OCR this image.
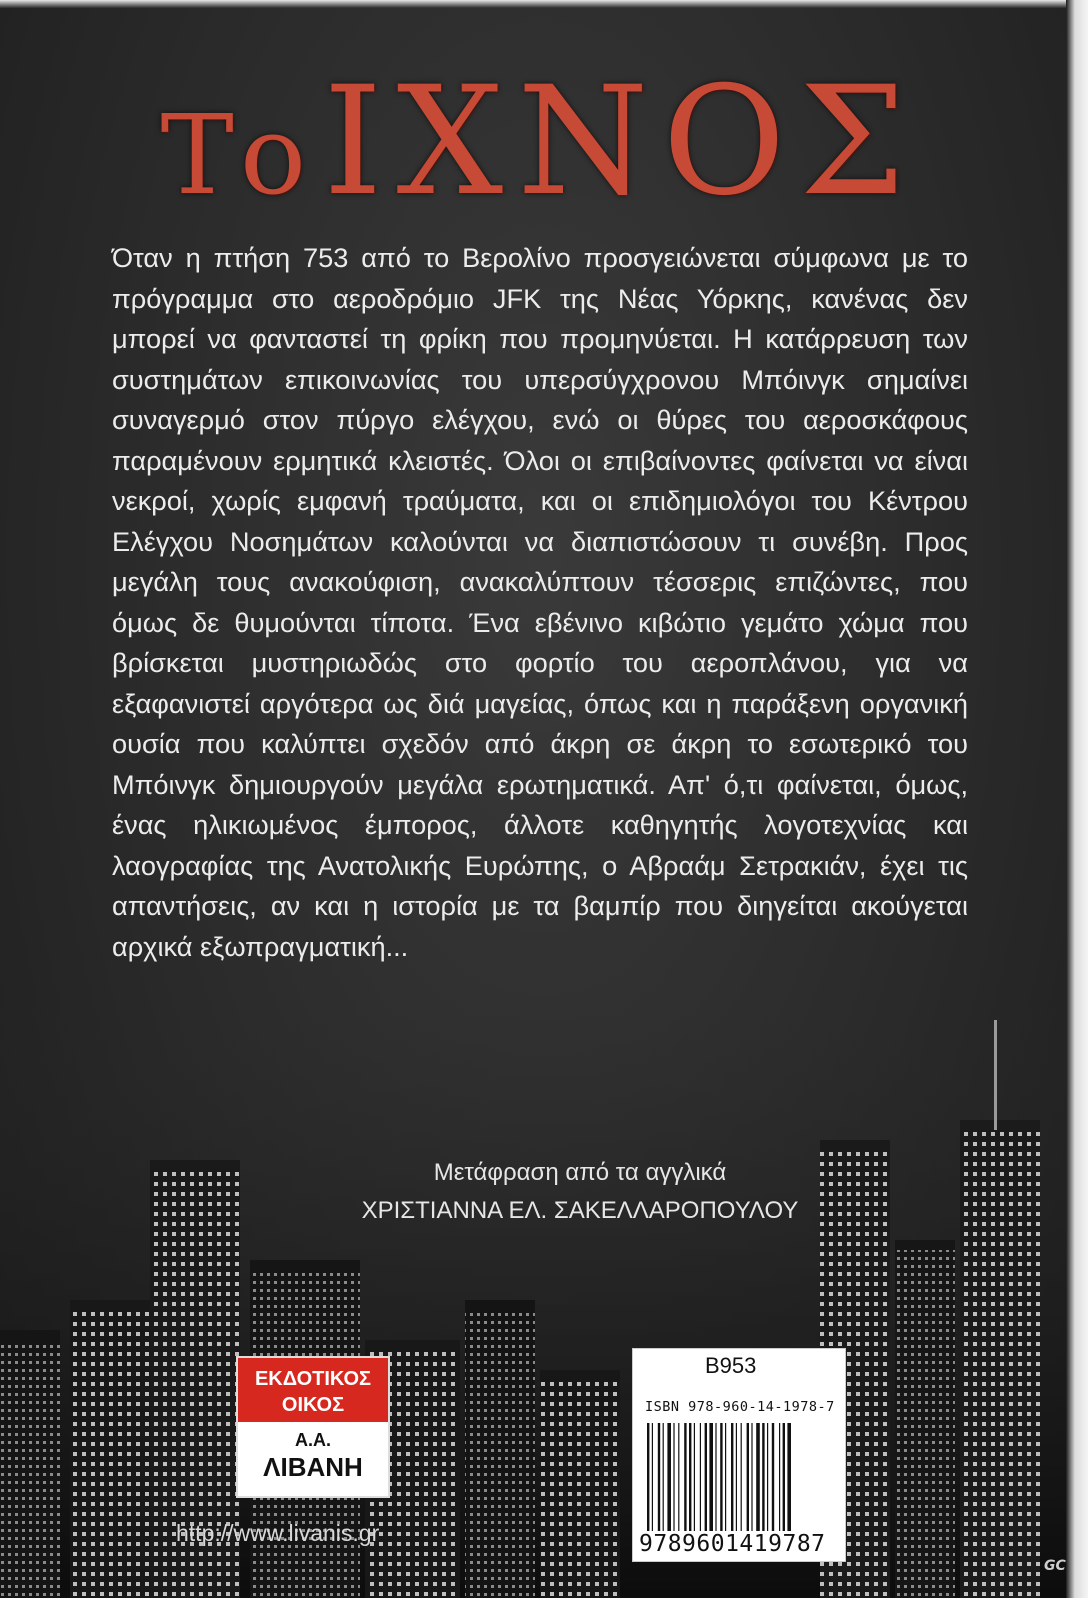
Το ΙΧΝΟΣ
Όταν η πτήση 753 από το Βερολίνο προσγειώνεται σύμφωνα με το πρόγραμμα στο αεροδρόμιο JFK της Νέας Υόρκης, κανένας δεν μπορεί να φανταστεί τη φρίκη που προμηνύεται. Η κατάρρευση των συστημάτων επικοινωνίας του υπερσύγχρονου Μπόινγκ σημαίνει συναγερμό στον πύργο ελέγχου, ενώ οι θύρες του αεροσκάφους παραμένουν ερμητικά κλειστές. Όλοι οι επιβαίνοντες φαίνεται να είναι νεκροί, χωρίς εμφανή τραύματα, και οι επιδημιολόγοι του Κέντρου Ελέγχου Νοσημάτων καλούνται να διαπιστώσουν τι συνέβη. Προς μεγάλη τους ανακούφιση, ανακαλύπτουν τέσσερις επιζώντες, που όμως δε θυμούνται τίποτα. Ένα εβένινο κιβώτιο γεμάτο χώμα που βρίσκεται μυστηριωδώς στο φορτίο του αεροπλάνου, για να εξαφανιστεί αργότερα ως διά μαγείας, όπως και η παράξενη οργανική ουσία που καλύπτει σχεδόν από άκρη σε άκρη το εσωτερικό του Μπόινγκ δημιουργούν μεγάλα ερωτηματικά. Απ' ό,τι φαίνεται, όμως, ένας ηλικιωμένος έμπορος, άλλοτε καθηγητής λογοτεχνίας και λαογραφίας της Ανατολικής Ευρώπης, ο Αβραάμ Σετρακιάν, έχει τις απαντήσεις, αν και η ιστορία με τα βαμπίρ που διηγείται ακούγεται αρχικά εξωπραγματική...
Μετάφραση από τα αγγλικά
ΧΡΙΣΤΙΑΝΝΑ ΕΛ. ΣΑΚΕΛΛΑΡΟΠΟΥΛΟΥ
ΕΚΔΟΤΙΚΟΣ
ΟΙΚΟΣ
Α.Α.
ΛΙΒΑΝΗ
B953
ISBN 978-960-14-1978-7
9789601419787
http://www.livanis.gr
GC
